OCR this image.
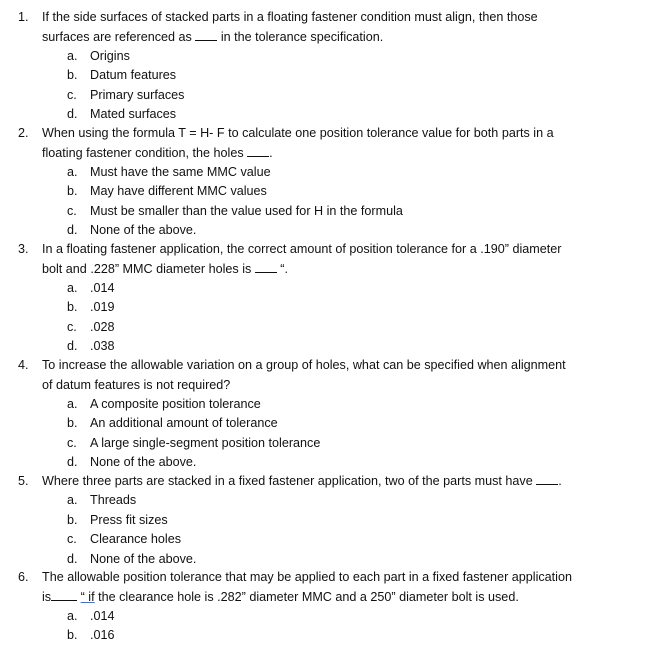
1.	If the side surfaces of stacked parts in a floating fastener condition must align, then those
surfaces are referenced as in the tolerance specification.
a. Origins
b. Datum features
c.	Primary surfaces
d. Mated surfaces
2.	When using the formula T = H- F to calculate one position tolerance value for both parts in a
floating fastener condition, the holes .
a. Must have the same MMC value
b. May have different MMC values
c.	Must be smaller than the value used for H in the formula
d. None of the above.
3.	In a floating fastener application, the correct amount of position tolerance for a .190” diameter
bolt and .228” MMC diameter holes is “.
a. .014
b. .019
c.	.028
d. .038
4.	To increase the allowable variation on a group of holes, what can be specified when alignment
of datum features is not required?
a. A composite position tolerance
b. An additional amount of tolerance
c.	A large single-segment position tolerance
d. None of the above.
5.	Where three parts are stacked in a fixed fastener application, two of the parts must have .
a. Threads
b. Press fit sizes
c.	Clearance holes
d. None of the above.
6.	The allowable position tolerance that may be applied to each part in a fixed fastener application
is “ if the clearance hole is .282” diameter MMC and a 250” diameter bolt is used.
a. .014
b. .016
